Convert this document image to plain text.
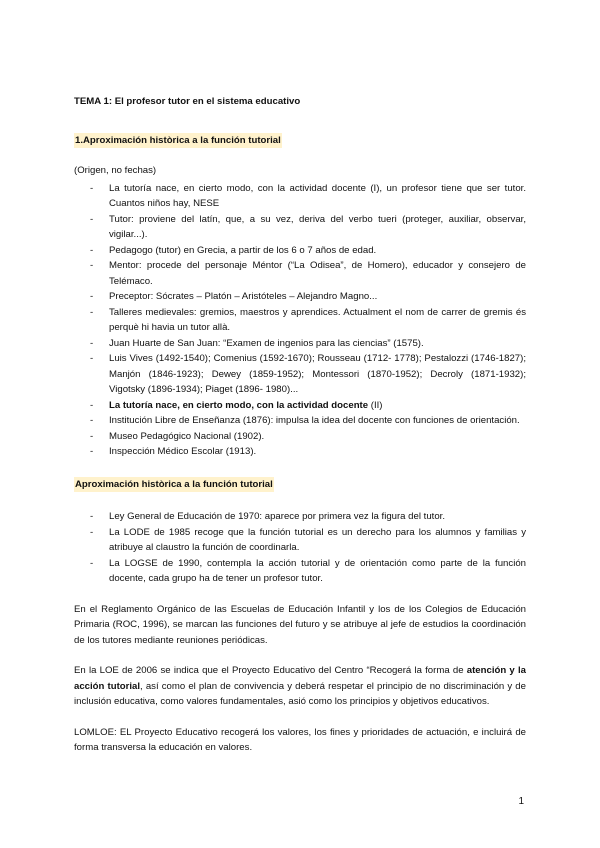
TEMA 1: El profesor tutor en el sistema educativo

1.Aproximación històrica a la función tutorial

(Origen, no fechas)

- La tutoría nace, en cierto modo, con la actividad docente (I), un profesor tiene que ser tutor. Cuantos niños hay, NESE
- Tutor: proviene del latín, que, a su vez, deriva del verbo tueri (proteger, auxiliar, observar, vigilar...).
- Pedagogo (tutor) en Grecia, a partir de los 6 o 7 años de edad.
- Mentor: procede del personaje Méntor (“La Odisea”, de Homero), educador y consejero de Telémaco.
- Preceptor: Sócrates – Platón – Aristóteles – Alejandro Magno...
- Talleres medievales: gremios, maestros y aprendices. Actualment el nom de carrer de gremis és perquè hi havia un tutor allà.
- Juan Huarte de San Juan: “Examen de ingenios para las ciencias” (1575).
- Luis Vives (1492-1540); Comenius (1592-1670); Rousseau (1712- 1778); Pestalozzi (1746-1827); Manjón (1846-1923); Dewey (1859-1952); Montessori (1870-1952); Decroly (1871-1932); Vigotsky (1896-1934); Piaget (1896- 1980)...
- La tutoría nace, en cierto modo, con la actividad docente (II)
- Institución Libre de Enseñanza (1876): impulsa la idea del docente con funciones de orientación.
- Museo Pedagógico Nacional (1902).
- Inspección Médico Escolar (1913).

Aproximación històrica a la función tutorial

- Ley General de Educación de 1970: aparece por primera vez la figura del tutor.
- La LODE de 1985 recoge que la función tutorial es un derecho para los alumnos y familias y atribuye al claustro la función de coordinarla.
- La LOGSE de 1990, contempla la acción tutorial y de orientación como parte de la función docente, cada grupo ha de tener un profesor tutor.

En el Reglamento Orgánico de las Escuelas de Educación Infantil y los de los Colegios de Educación Primaria (ROC, 1996), se marcan las funciones del futuro y se atribuye al jefe de estudios la coordinación de los tutores mediante reuniones periódicas.

En la LOE de 2006 se indica que el Proyecto Educativo del Centro “Recogerá la forma de atención y la acción tutorial, así como el plan de convivencia y deberá respetar el principio de no discriminación y de inclusión educativa, como valores fundamentales, asió como los principios y objetivos educativos.

LOMLOE: EL Proyecto Educativo recogerá los valores, los fines y prioridades de actuación, e incluirá de forma transversa la educación en valores.

1
